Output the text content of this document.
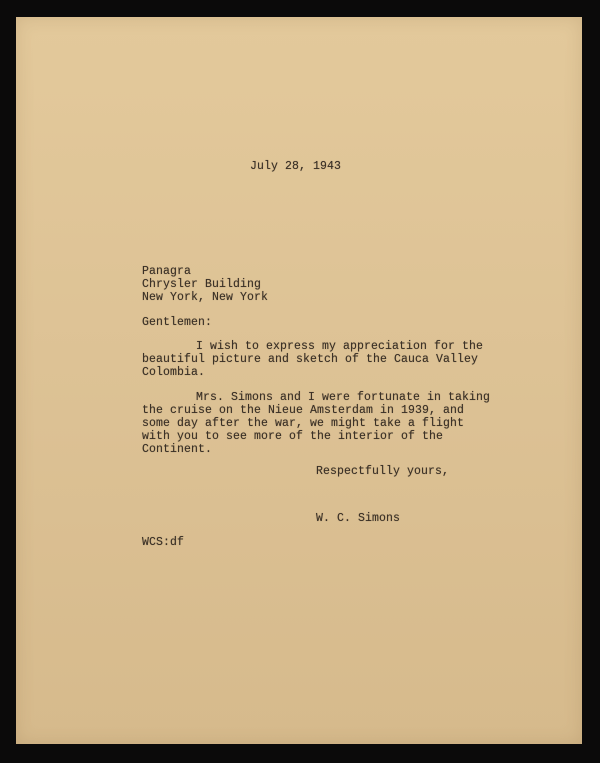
July 28, 1943
Panagra
Chrysler Building
New York, New York
Gentlemen:
I wish to express my appreciation for the
beautiful picture and sketch of the Cauca Valley
Colombia.
Mrs. Simons and I were fortunate in taking
the cruise on the Nieue Amsterdam in 1939, and
some day after the war, we might take a flight
with you to see more of the interior of the
Continent.
Respectfully yours,
W. C. Simons
WCS:df
